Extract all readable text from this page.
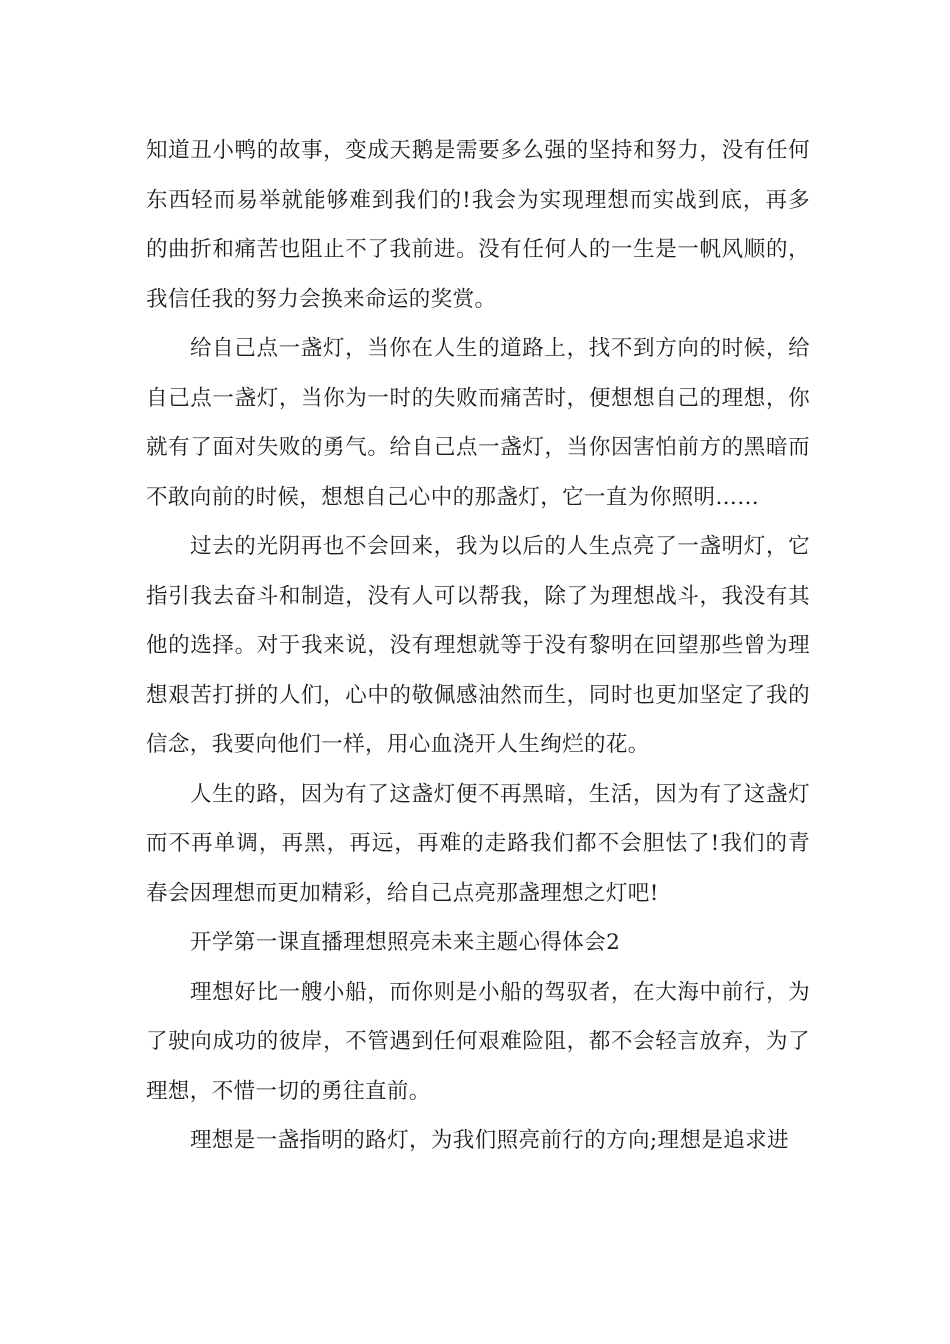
知道丑小鸭的故事，变成天鹅是需要多么强的坚持和努力，没有任何东西轻而易举就能够难到我们的!我会为实现理想而实战到底，再多的曲折和痛苦也阻止不了我前进。没有任何人的一生是一帆风顺的，我信任我的努力会换来命运的奖赏。

给自己点一盏灯，当你在人生的道路上，找不到方向的时候，给自己点一盏灯，当你为一时的失败而痛苦时，便想想自己的理想，你就有了面对失败的勇气。给自己点一盏灯，当你因害怕前方的黑暗而不敢向前的时候，想想自己心中的那盏灯，它一直为你照明……

过去的光阴再也不会回来，我为以后的人生点亮了一盏明灯，它指引我去奋斗和制造，没有人可以帮我，除了为理想战斗，我没有其他的选择。对于我来说，没有理想就等于没有黎明在回望那些曾为理想艰苦打拼的人们，心中的敬佩感油然而生，同时也更加坚定了我的信念，我要向他们一样，用心血浇开人生绚烂的花。

人生的路，因为有了这盏灯便不再黑暗，生活，因为有了这盏灯而不再单调，再黑，再远，再难的走路我们都不会胆怯了!我们的青春会因理想而更加精彩，给自己点亮那盏理想之灯吧!

开学第一课直播理想照亮未来主题心得体会2

理想好比一艘小船，而你则是小船的驾驭者，在大海中前行，为了驶向成功的彼岸，不管遇到任何艰难险阻，都不会轻言放弃，为了理想，不惜一切的勇往直前。

理想是一盏指明的路灯，为我们照亮前行的方向;理想是追求进
